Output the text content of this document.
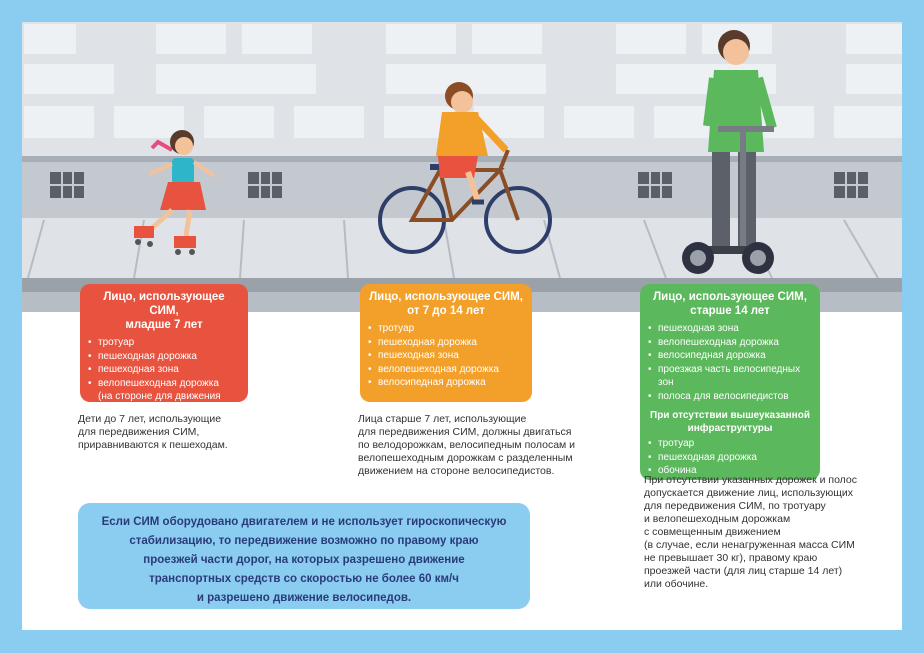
Лицо, использующее СИМ,
младше 7 лет
• тротуар
• пешеходная дорожка
• пешеходная зона
• велопешеходная дорожка
(на стороне для движения
пешеходов)
Лицо, использующее СИМ,
от 7 до 14 лет
• тротуар
• пешеходная дорожка
• пешеходная зона
• велопешеходная дорожка
• велосипедная дорожка
Лицо, использующее СИМ,
старше 14 лет
• пешеходная зона
• велопешеходная дорожка
• велосипедная дорожка
• проезжая часть велосипедных зон
• полоса для велосипедистов
При отсутствии вышеуказанной
инфраструктуры
• тротуар
• пешеходная дорожка
• обочина
Дети до 7 лет, использующие
для передвижения СИМ,
приравниваются к пешеходам.
Лица старше 7 лет, использующие
для передвижения СИМ, должны двигаться
по велодорожкам, велосипедным полосам и
велопешеходным дорожкам с разделенным
движением на стороне велосипедистов.
При отсутствии указанных дорожек и полос
допускается движение лиц, использующих
для передвижения СИМ, по тротуару
и велопешеходным дорожкам
с совмещенным движением
(в случае, если ненагруженная масса СИМ
не превышает 30 кг), правому краю
проезжей части (для лиц старше 14 лет)
или обочине.
Если СИМ оборудовано двигателем и не использует гироскопическую
стабилизацию, то передвижение возможно по правому краю
проезжей части дорог, на которых разрешено движение
транспортных средств со скоростью не более 60 км/ч
и разрешено движение велосипедов.
